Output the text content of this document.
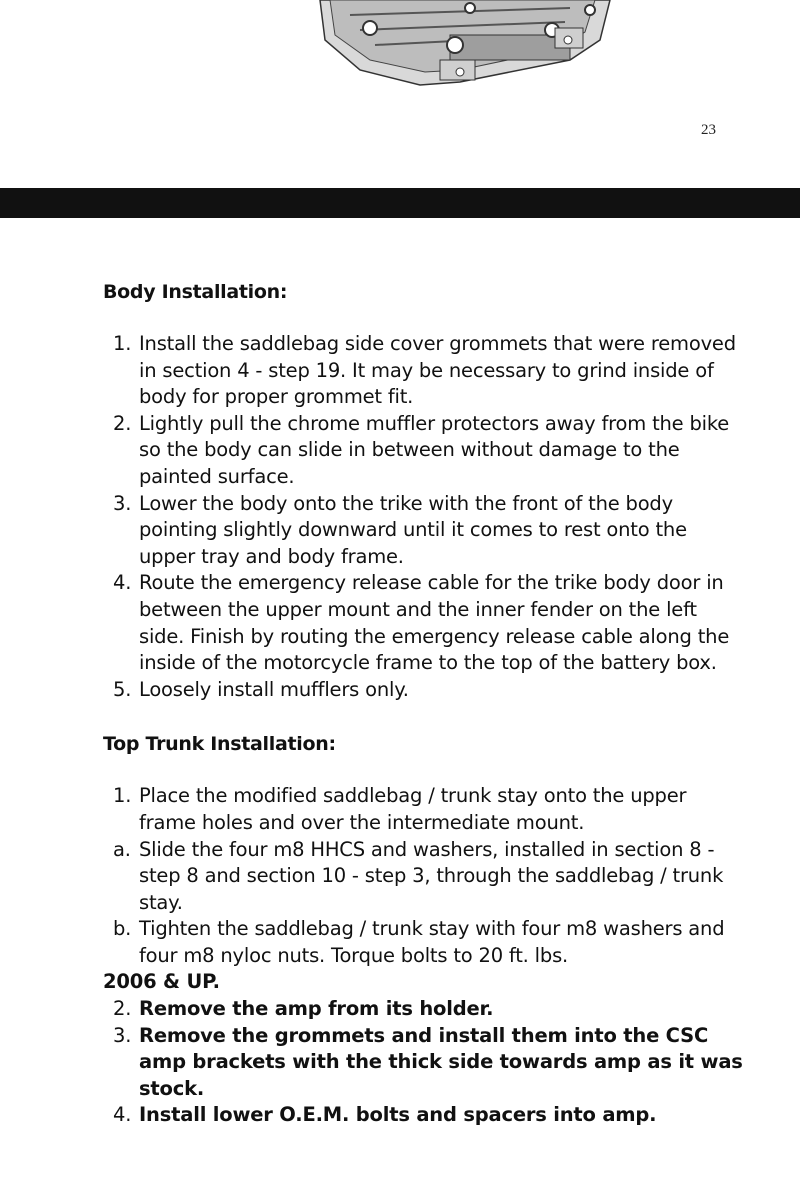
23
Body Installation:
1. Install the saddlebag side cover grommets that were removed in section 4 - step 19. It may be necessary to grind inside of body for proper grommet fit.
2. Lightly pull the chrome muffler protectors away from the bike so the body can slide in between without damage to the painted surface.
3. Lower the body onto the trike with the front of the body pointing slightly downward until it comes to rest onto the upper tray and body frame.
4. Route the emergency release cable for the trike body door in between the upper mount and the inner fender on the left side. Finish by routing the emergency release cable along the inside of the motorcycle frame to the top of the battery box.
5. Loosely install mufflers only.
Top Trunk Installation:
1. Place the modified saddlebag / trunk stay onto the upper frame holes and over the intermediate mount.
a. Slide the four m8 HHCS and washers, installed in section 8 - step 8 and section 10 - step 3, through the saddlebag / trunk stay.
b. Tighten the saddlebag / trunk stay with four m8 washers and four m8 nyloc nuts. Torque bolts to 20 ft. lbs.
2006 & UP.
2. Remove the amp from its holder.
3. Remove the grommets and install them into the CSC amp brackets with the thick side towards amp as it was stock.
4. Install lower O.E.M. bolts and spacers into amp.
